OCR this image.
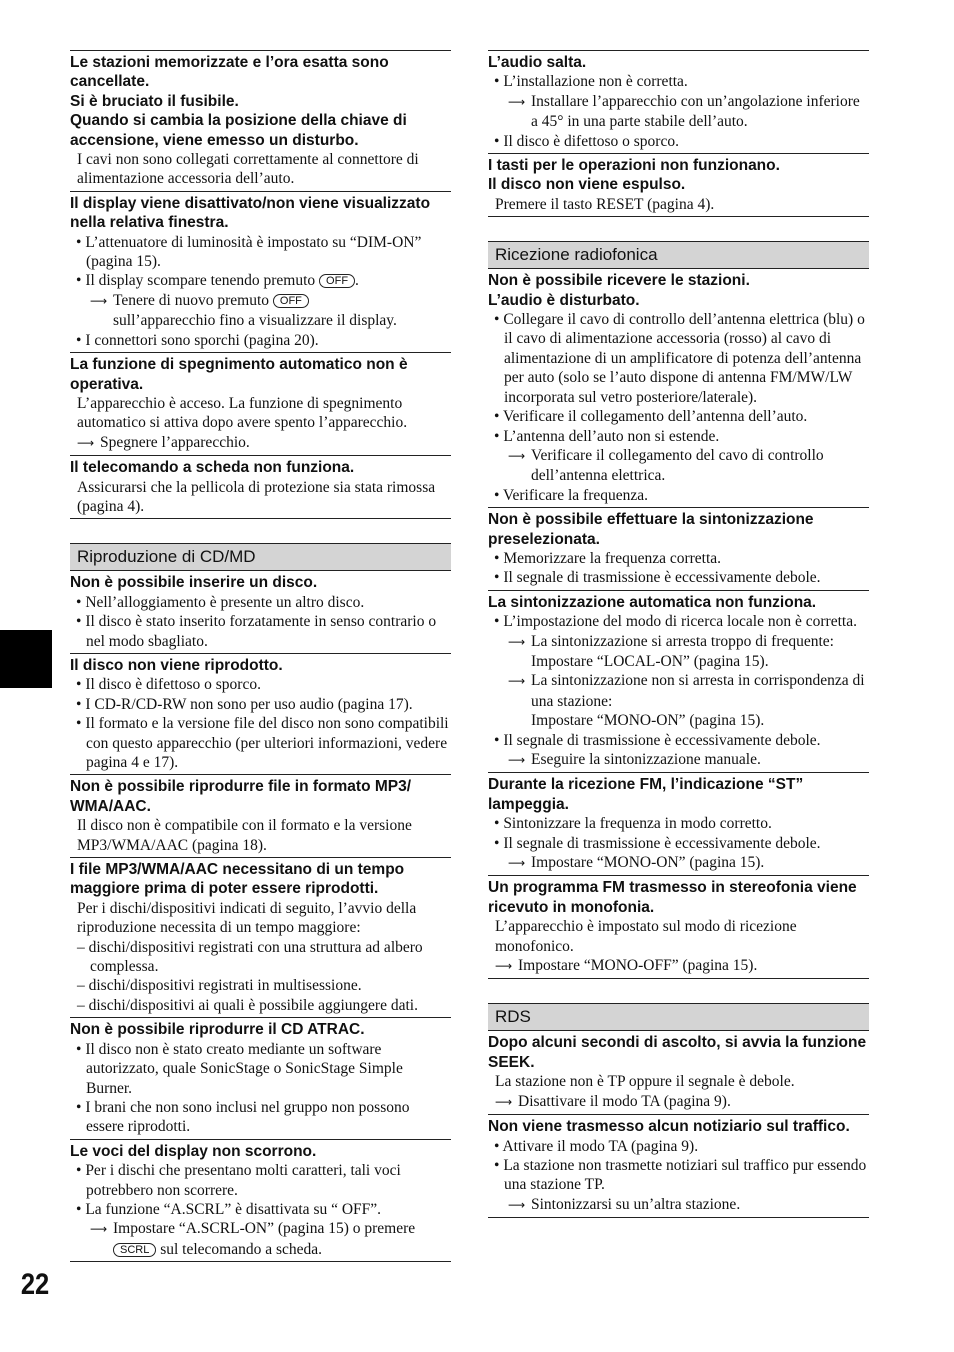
22
Le stazioni memorizzate e l’ora esatta sono cancellate.
Si è bruciato il fusibile.
Quando si cambia la posizione della chiave di accensione, viene emesso un disturbo.
I cavi non sono collegati correttamente al connettore di alimentazione accessoria dell’auto.
Il display viene disattivato/non viene visualizzato nella relativa finestra.
• L’attenuatore di luminosità è impostato su “DIM-ON” (pagina 15).
• Il display scompare tenendo premuto OFF .
⟶ Tenere di nuovo premuto OFF
sull’apparecchio fino a visualizzare il display.
• I connettori sono sporchi (pagina 20).
La funzione di spegnimento automatico non è operativa.
L’apparecchio è acceso. La funzione di spegnimento automatico si attiva dopo avere spento l’apparecchio.
⟶ Spegnere l’apparecchio.
Il telecomando a scheda non funziona.
Assicurarsi che la pellicola di protezione sia stata rimossa (pagina 4).
Riproduzione di CD/MD
Non è possibile inserire un disco.
• Nell’alloggiamento è presente un altro disco.
• Il disco è stato inserito forzatamente in senso contrario o nel modo sbagliato.
Il disco non viene riprodotto.
• Il disco è difettoso o sporco.
• I CD-R/CD-RW non sono per uso audio (pagina 17).
• Il formato e la versione file del disco non sono compatibili con questo apparecchio (per ulteriori informazioni, vedere pagina 4 e 17).
Non è possibile riprodurre file in formato MP3/ WMA/AAC.
Il disco non è compatibile con il formato e la versione MP3/WMA/AAC (pagina 18).
I file MP3/WMA/AAC necessitano di un tempo maggiore prima di poter essere riprodotti.
Per i dischi/dispositivi indicati di seguito, l’avvio della riproduzione necessita di un tempo maggiore:
– dischi/dispositivi registrati con una struttura ad albero complessa.
– dischi/dispositivi registrati in multisessione.
– dischi/dispositivi ai quali è possibile aggiungere dati.
Non è possibile riprodurre il CD ATRAC.
• Il disco non è stato creato mediante un software autorizzato, quale SonicStage o SonicStage Simple Burner.
• I brani che non sono inclusi nel gruppo non possono essere riprodotti.
Le voci del display non scorrono.
• Per i dischi che presentano molti caratteri, tali voci potrebbero non scorrere.
• La funzione “A.SCRL” è disattivata su “ OFF”.
⟶ Impostare “A.SCRL-ON” (pagina 15) o premere
SCRL sul telecomando a scheda.
L’audio salta.
• L’installazione non è corretta.
⟶ Installare l’apparecchio con un’angolazione inferiore a 45° in una parte stabile dell’auto.
• Il disco è difettoso o sporco.
I tasti per le operazioni non funzionano.
Il disco non viene espulso.
Premere il tasto RESET (pagina 4).
Ricezione radiofonica
Non è possibile ricevere le stazioni.
L’audio è disturbato.
• Collegare il cavo di controllo dell’antenna elettrica (blu) o il cavo di alimentazione accessoria (rosso) al cavo di alimentazione di un amplificatore di potenza dell’antenna per auto (solo se l’auto dispone di antenna FM/MW/LW incorporata sul vetro posteriore/laterale).
• Verificare il collegamento dell’antenna dell’auto.
• L’antenna dell’auto non si estende.
⟶ Verificare il collegamento del cavo di controllo dell’antenna elettrica.
• Verificare la frequenza.
Non è possibile effettuare la sintonizzazione preselezionata.
• Memorizzare la frequenza corretta.
• Il segnale di trasmissione è eccessivamente debole.
La sintonizzazione automatica non funziona.
• L’impostazione del modo di ricerca locale non è corretta.
⟶ La sintonizzazione si arresta troppo di frequente:
Impostare “LOCAL-ON” (pagina 15).
⟶ La sintonizzazione non si arresta in corrispondenza di una stazione:
Impostare “MONO-ON” (pagina 15).
• Il segnale di trasmissione è eccessivamente debole.
⟶ Eseguire la sintonizzazione manuale.
Durante la ricezione FM, l’indicazione “ST” lampeggia.
• Sintonizzare la frequenza in modo corretto.
• Il segnale di trasmissione è eccessivamente debole.
⟶ Impostare “MONO-ON” (pagina 15).
Un programma FM trasmesso in stereofonia viene ricevuto in monofonia.
L’apparecchio è impostato sul modo di ricezione monofonico.
⟶ Impostare “MONO-OFF” (pagina 15).
RDS
Dopo alcuni secondi di ascolto, si avvia la funzione SEEK.
La stazione non è TP oppure il segnale è debole.
⟶ Disattivare il modo TA (pagina 9).
Non viene trasmesso alcun notiziario sul traffico.
• Attivare il modo TA (pagina 9).
• La stazione non trasmette notiziari sul traffico pur essendo una stazione TP.
⟶ Sintonizzarsi su un’altra stazione.
